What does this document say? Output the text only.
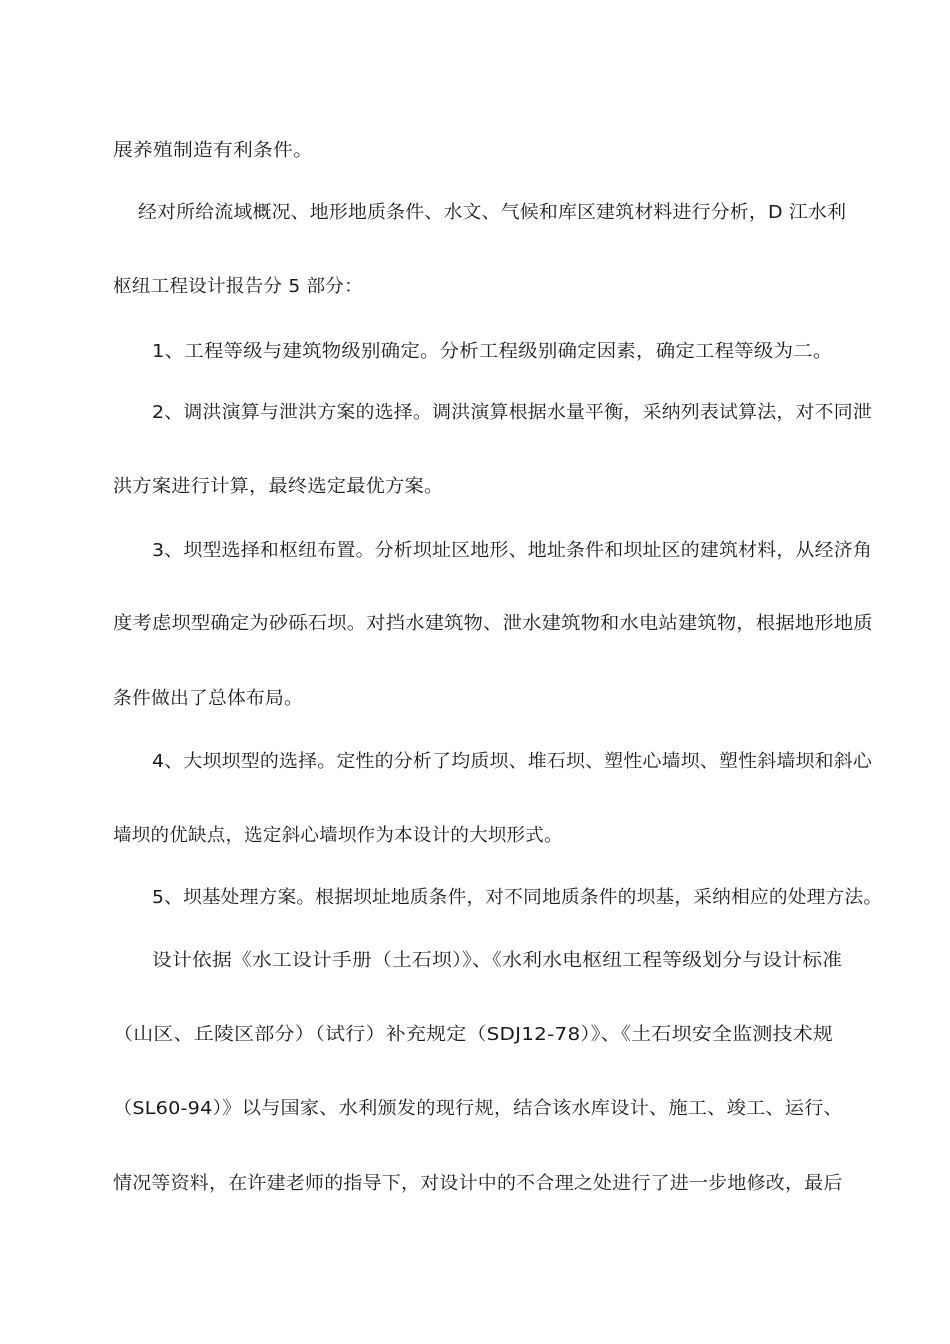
展养殖制造有利条件。
经对所给流域概况、地形地质条件、水文、气候和库区建筑材料进行分析，D 江水利
枢纽工程设计报告分 5 部分：
1、工程等级与建筑物级别确定。分析工程级别确定因素，确定工程等级为二。
2、调洪演算与泄洪方案的选择。调洪演算根据水量平衡，采纳列表试算法，对不同泄
洪方案进行计算，最终选定最优方案。
3、坝型选择和枢纽布置。分析坝址区地形、地址条件和坝址区的建筑材料，从经济角
度考虑坝型确定为砂砾石坝。对挡水建筑物、泄水建筑物和水电站建筑物，根据地形地质
条件做出了总体布局。
4、大坝坝型的选择。定性的分析了均质坝、堆石坝、塑性心墙坝、塑性斜墙坝和斜心
墙坝的优缺点，选定斜心墙坝作为本设计的大坝形式。
5、坝基处理方案。根据坝址地质条件，对不同地质条件的坝基，采纳相应的处理方法。
设计依据《水工设计手册（土石坝）》、《水利水电枢纽工程等级划分与设计标准
（山区、丘陵区部分）（试行）补充规定（SDJ12-78）》、《土石坝安全监测技术规
（SL60-94）》以与国家、水利颁发的现行规，结合该水库设计、施工、竣工、运行、
情况等资料，在许建老师的指导下，对设计中的不合理之处进行了进一步地修改，最后
